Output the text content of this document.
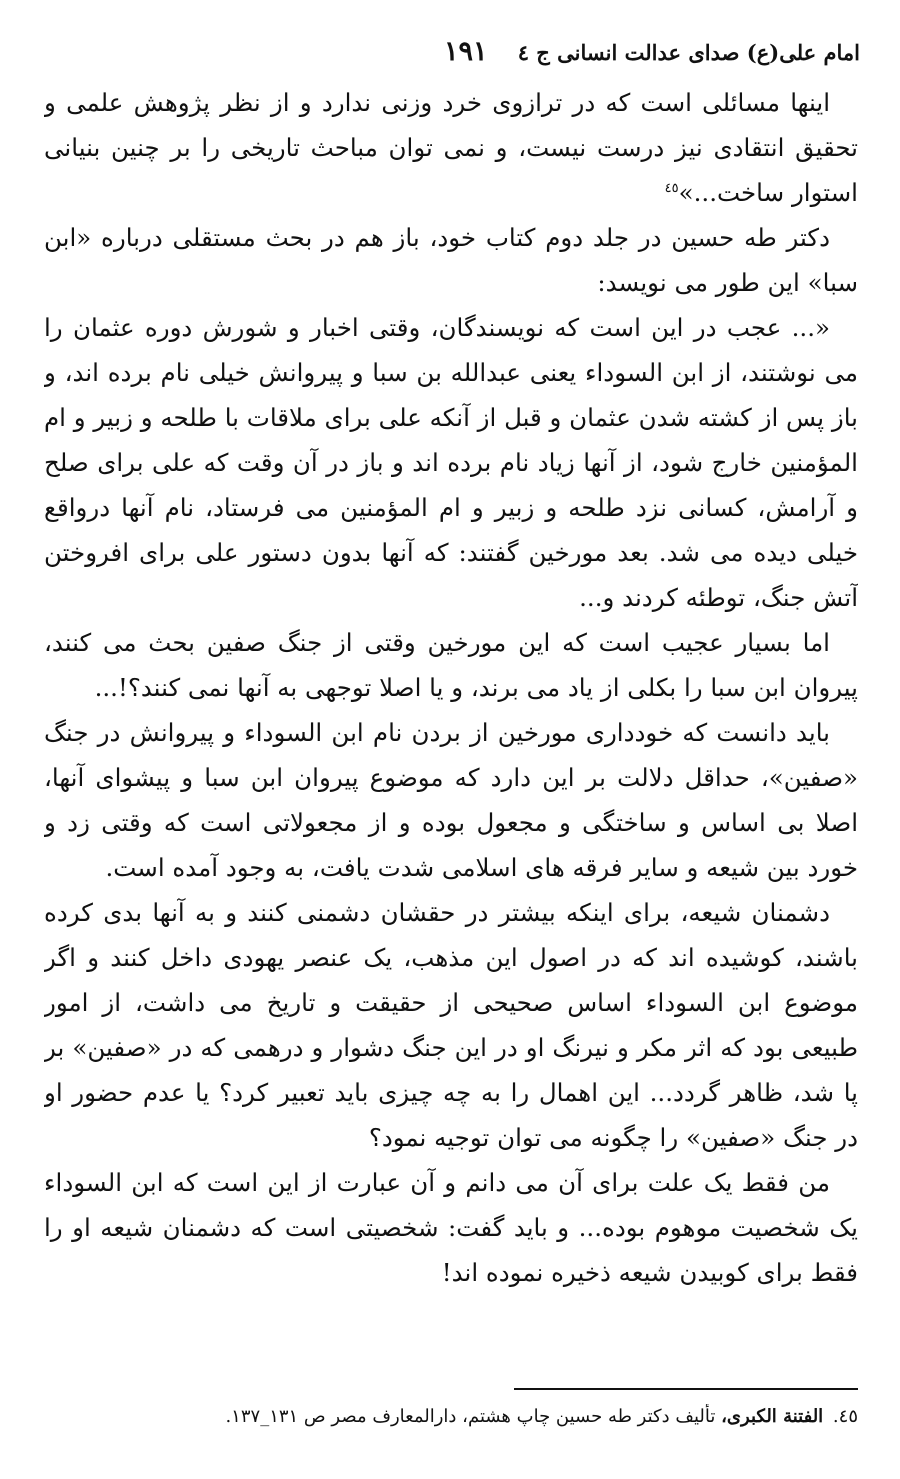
امام علی(ع) صدای عدالت انسانی ج ٤
١٩١

اینها مسائلی است که در ترازوی خرد وزنی ندارد و از نظر پژوهش علمی و تحقیق انتقادی نیز درست نیست، و نمی توان مباحث تاریخی را بر چنین بنیانی استوار ساخت...»$^{٤٥}$

دکتر طه حسین در جلد دوم کتاب خود، باز هم در بحث مستقلی درباره «ابن سبا» این طور می نویسد:

«... عجب در این است که نویسندگان، وقتی اخبار و شورش دوره عثمان را می نوشتند، از ابن السوداء یعنی عبدالله بن سبا و پیروانش خیلی نام برده اند، و باز پس از کشته شدن عثمان و قبل از آنکه علی برای ملاقات با طلحه و زبیر و ام المؤمنین خارج شود، از آنها زیاد نام برده اند و باز در آن وقت که علی برای صلح و آرامش، کسانی نزد طلحه و زبیر و ام المؤمنین می فرستاد، نام آنها درواقع خیلی دیده می شد. بعد مورخین گفتند: که آنها بدون دستور علی برای افروختن آتش جنگ، توطئه کردند و...

اما بسیار عجیب است که این مورخین وقتی از جنگ صفین بحث می کنند، پیروان ابن سبا را بکلی از یاد می برند، و یا اصلا توجهی به آنها نمی کنند؟!...

باید دانست که خودداری مورخین از بردن نام ابن السوداء و پیروانش در جنگ «صفین»، حداقل دلالت بر این دارد که موضوع پیروان ابن سبا و پیشوای آنها، اصلا بی اساس و ساختگی و مجعول بوده و از مجعولاتی است که وقتی زد و خورد بین شیعه و سایر فرقه های اسلامی شدت یافت، به وجود آمده است.

دشمنان شیعه، برای اینکه بیشتر در حقشان دشمنی کنند و به آنها بدی کرده باشند، کوشیده اند که در اصول این مذهب، یک عنصر یهودی داخل کنند و اگر موضوع ابن السوداء اساس صحیحی از حقیقت و تاریخ می داشت، از امور طبیعی بود که اثر مکر و نیرنگ او در این جنگ دشوار و درهمی که در «صفین» بر پا شد، ظاهر گردد... این اهمال را به چه چیزی باید تعبیر کرد؟ یا عدم حضور او در جنگ «صفین» را چگونه می توان توجیه نمود؟

من فقط یک علت برای آن می دانم و آن عبارت از این است که ابن السوداء یک شخصیت موهوم بوده... و باید گفت: شخصیتی است که دشمنان شیعه او را فقط برای کوبیدن شیعه ذخیره نموده اند!

٤٥. الفتنة الکبری، تألیف دکتر طه حسین چاپ هشتم، دارالمعارف مصر ص ١٣١_١٣٧.
